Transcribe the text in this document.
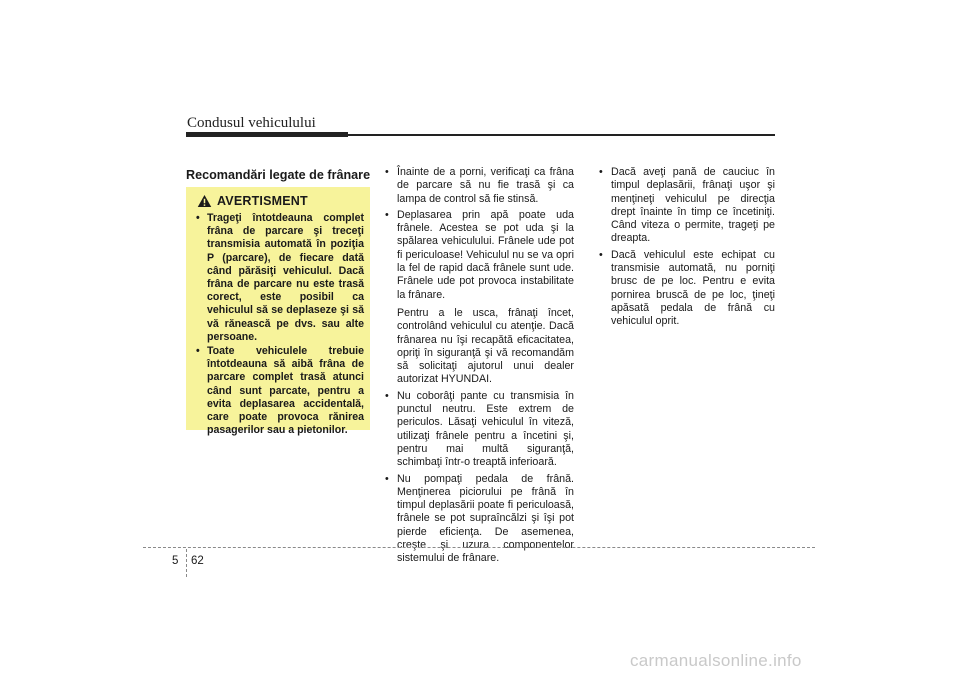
Condusul vehiculului
Recomandări legate de frânare
AVERTISMENT
• Trageţi întotdeauna complet frâna de parcare şi treceţi transmisia automată în poziţia P (parcare), de fiecare dată când părăsiţi vehiculul. Dacă frâna de parcare nu este trasă corect, este posibil ca vehiculul să se deplaseze şi să vă rănească pe dvs. sau alte persoane.
• Toate vehiculele trebuie întotdeauna să aibă frâna de parcare complet trasă atunci când sunt parcate, pentru a evita deplasarea accidentală, care poate provoca rănirea pasagerilor sau a pietonilor.

• Înainte de a porni, verificaţi ca frâna de parcare să nu fie trasă şi ca lampa de control să fie stinsă.

• Deplasarea prin apă poate uda frânele. Acestea se pot uda şi la spălarea vehiculului. Frânele ude pot fi periculoase! Vehiculul nu se va opri la fel de rapid dacă frânele sunt ude. Frânele ude pot provoca instabilitate la frânare.

Pentru a le usca, frânaţi încet, controlând vehiculul cu atenţie. Dacă frânarea nu îşi recapătă eficacitatea, opriţi în siguranţă şi vă recomandăm să solicitaţi ajutorul unui dealer autorizat HYUNDAI.

• Nu coborâţi pante cu transmisia în punctul neutru. Este extrem de periculos. Lăsaţi vehiculul în viteză, utilizaţi frânele pentru a încetini şi, pentru mai multă siguranţă, schimbaţi într-o treaptă inferioară.

• Nu pompaţi pedala de frână. Menţinerea piciorului pe frână în timpul deplasării poate fi periculoasă, frânele se pot supraîncălzi şi îşi pot pierde eficienţa. De asemenea, creşte şi uzura componentelor sistemului de frânare.

• Dacă aveţi pană de cauciuc în timpul deplasării, frânaţi uşor şi menţineţi vehiculul pe direcţia drept înainte în timp ce încetiniţi. Când viteza o permite, trageţi pe dreapta.
• Dacă vehiculul este echipat cu transmisie automată, nu porniţi brusc de pe loc. Pentru e evita pornirea bruscă de pe loc, ţineţi apăsată pedala de frână cu vehiculul oprit.
5 62
carmanualsonline.info
